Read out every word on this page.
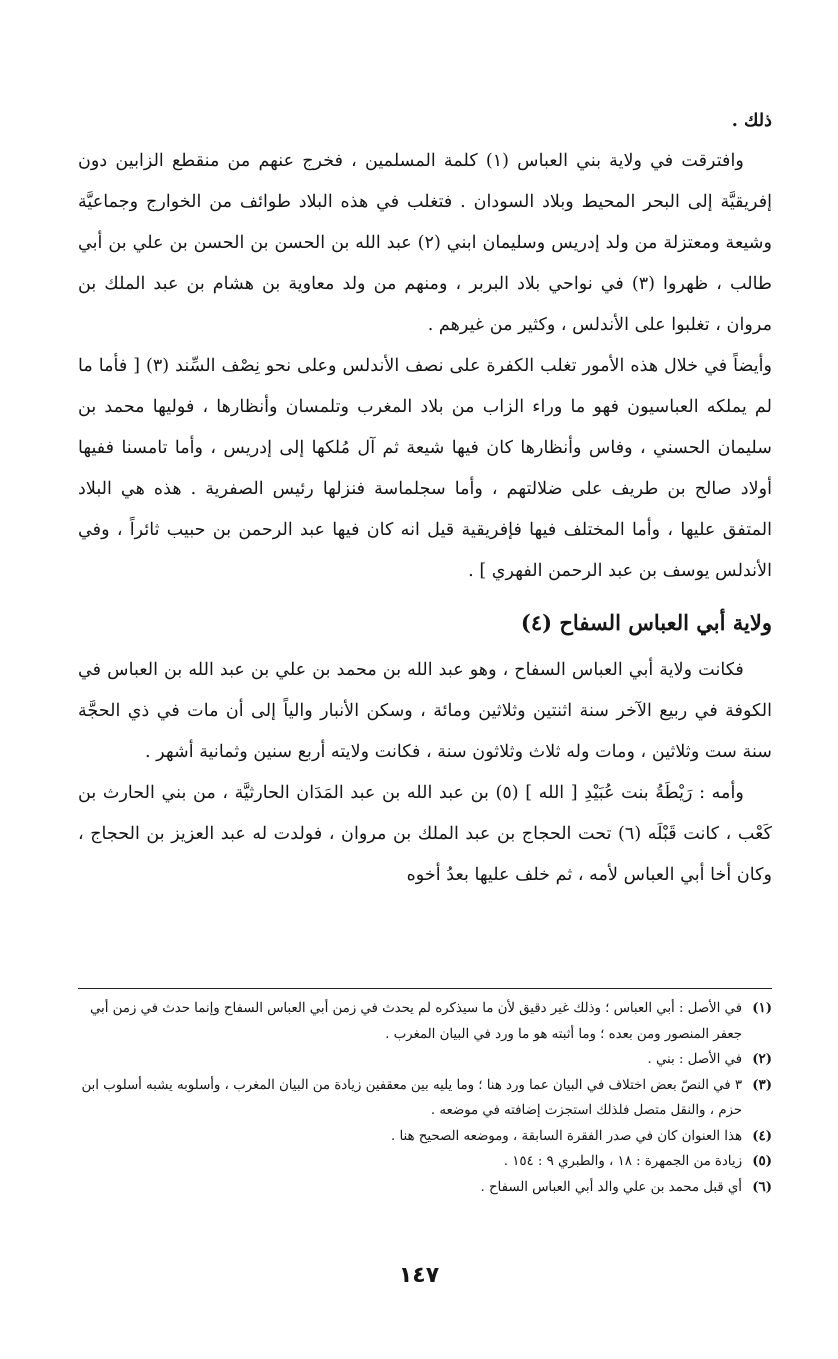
ذلك .

وافترقت في ولاية بني العباس (١) كلمة المسلمين ، فخرج عنهم من منقطع الزابين دون إفريقيَّة إلى البحر المحيط وبلاد السودان . فتغلب في هذه البلاد طوائف من الخوارج وجماعيَّة وشيعة ومعتزلة من ولد إدريس وسليمان ابني (٢) عبد الله بن الحسن بن الحسن بن علي بن أبي طالب ، ظهروا (٣) في نواحي بلاد البربر ، ومنهم من ولد معاوية بن هشام بن عبد الملك بن مروان ، تغلبوا على الأندلس ، وكثير من غيرهم .

وأيضاً في خلال هذه الأمور تغلب الكفرة على نصف الأندلس وعلى نحو نِصْف السِّند (٣) [ فأما ما لم يملكه العباسيون فهو ما وراء الزاب من بلاد المغرب وتلمسان وأنظارها ، فوليها محمد بن سليمان الحسني ، وفاس وأنظارها كان فيها شيعة ثم آل مُلكها إلى إدريس ، وأما تامسنا ففيها أولاد صالح بن طريف على ضلالتهم ، وأما سجلماسة فنزلها رئيس الصفرية . هذه هي البلاد المتفق عليها ، وأما المختلف فيها فإفريقية قيل انه كان فيها عبد الرحمن بن حبيب ثائراً ، وفي الأندلس يوسف بن عبد الرحمن الفهري ] .

ولاية أبي العباس السفاح (٤)

فكانت ولاية أبي العباس السفاح ، وهو عبد الله بن محمد بن علي بن عبد الله بن العباس في الكوفة في ربيع الآخر سنة اثنتين وثلاثين ومائة ، وسكن الأنبار والياً إلى أن مات في ذي الحجَّة سنة ست وثلاثين ، ومات وله ثلاث وثلاثون سنة ، فكانت ولايته أربع سنين وثمانية أشهر .

وأمه : رَيْطَةُ بنت عُبَيْدِ [ الله ] (٥) بن عبد الله بن عبد المَدَان الحارثيَّة ، من بني الحارث بن كَعْب ، كانت قَبْلَه (٦) تحت الحجاج بن عبد الملك بن مروان ، فولدت له عبد العزيز بن الحجاج ، وكان أخا أبي العباس لأمه ، ثم خلف عليها بعدُ أخوه

(١)
في الأصل : أبي العباس ؛ وذلك غير دقيق لأن ما سيذكره لم يحدث في زمن أبي العباس السفاح وإنما حدث في زمن أبي جعفر المنصور ومن بعده ؛ وما أثبته هو ما ورد في البيان المغرب .
(٢)
في الأصل : بني .
(٣)
٣ في النصّ بعض اختلاف في البيان عما ورد هنا ؛ وما يليه بين معقفين زيادة من البيان المغرب ، وأسلوبه يشبه أسلوب ابن حزم ، والنقل متصل فلذلك استجزت إضافته في موضعه .
(٤)
هذا العنوان كان في صدر الفقرة السابقة ، وموضعه الصحيح هنا .
(٥)
زيادة من الجمهرة : ١٨ ، والطبري ٩ : ١٥٤ .
(٦)
أي قبل محمد بن علي والد أبي العباس السفاح .
١٤٧
